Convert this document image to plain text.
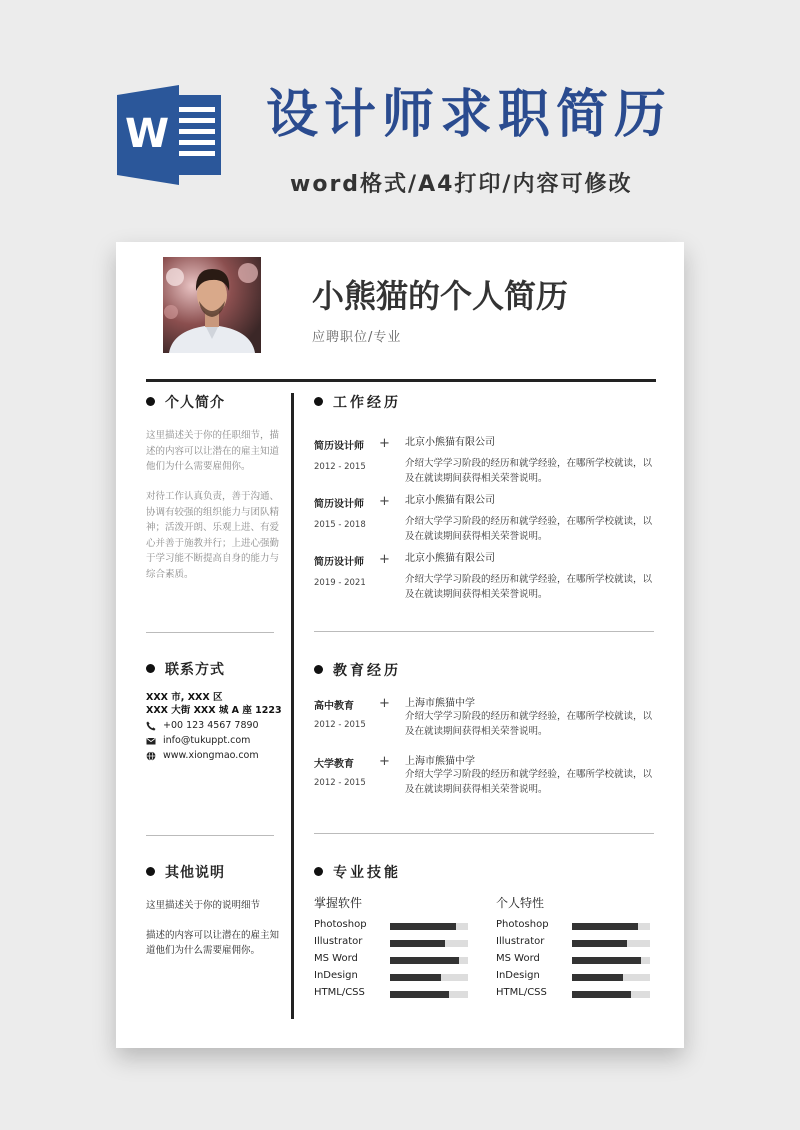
W 设计师求职简历
word格式/A4打印/内容可修改
小熊猫的个人简历
应聘职位/专业
个人简介
这里描述关于你的任职细节，描述的内容可以让潜在的雇主知道他们为什么需要雇佣你。
对待工作认真负责，善于沟通、协调有较强的组织能力与团队精神；活泼开朗、乐观上进、有爱心并善于施教并行；上进心强勤于学习能不断提高自身的能力与综合素质。
联系方式
XXX 市, XXX 区
XXX 大街 XXX 城 A 座 1223
+00 123 4567 7890
info@tukuppt.com
www.xiongmao.com
其他说明
这里描述关于你的说明细节
描述的内容可以让潜在的雇主知道他们为什么需要雇佣你。
工作经历
简历设计师
2012 - 2015
+ 北京小熊猫有限公司
介绍大学学习阶段的经历和就学经验，在哪所学校就读，以及在就读期间获得相关荣誉说明。
简历设计师
2015 - 2018
+ 北京小熊猫有限公司
介绍大学学习阶段的经历和就学经验，在哪所学校就读，以及在就读期间获得相关荣誉说明。
简历设计师
2019 - 2021
+ 北京小熊猫有限公司
介绍大学学习阶段的经历和就学经验，在哪所学校就读，以及在就读期间获得相关荣誉说明。
教育经历
高中教育
2012 - 2015
+ 上海市熊猫中学
介绍大学学习阶段的经历和就学经验，在哪所学校就读，以及在就读期间获得相关荣誉说明。
大学教育
2012 - 2015
+ 上海市熊猫中学
介绍大学学习阶段的经历和就学经验，在哪所学校就读，以及在就读期间获得相关荣誉说明。
专业技能
掌握软件	个人特性
Photoshop
Illustrator
MS Word
InDesign
HTML/CSS
Photoshop
Illustrator
MS Word
InDesign
HTML/CSS
